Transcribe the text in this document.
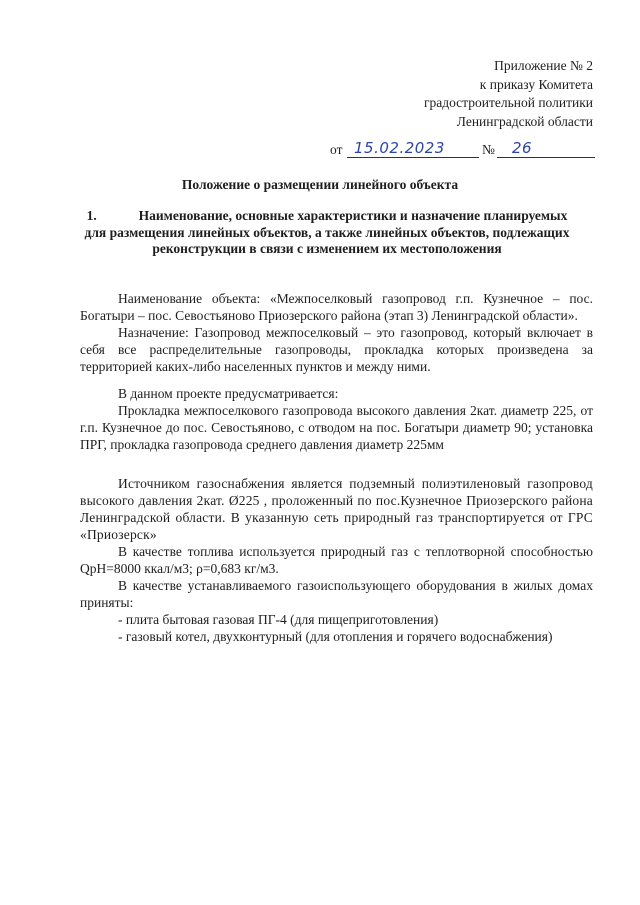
Приложение № 2
к приказу Комитета
градостроительной политики
Ленинградской области
от 15.02.2023	№ 26
Положение о размещении линейного объекта
1.	Наименование, основные характеристики и назначение планируемых для размещения линейных объектов, а также линейных объектов, подлежащих реконструкции в связи с изменением их местоположения

Наименование объекта: «Межпоселковый газопровод г.п. Кузнечное – пос. Богатыри – пос. Севостьяново Приозерского района (этап 3) Ленинградской области».

Назначение: Газопровод межпоселковый – это газопровод, который включает в себя все распределительные газопроводы, прокладка которых произведена за территорией каких-либо населенных пунктов и между ними.

В данном проекте предусматривается:

Прокладка межпоселкового газопровода высокого давления 2кат. диаметр 225, от г.п. Кузнечное до пос. Севостьяново, с отводом на пос. Богатыри диаметр 90; установка ПРГ, прокладка газопровода среднего давления диаметр 225мм

Источником газоснабжения является подземный полиэтиленовый газопровод высокого давления 2кат. Ø225 , проложенный по пос.Кузнечное Приозерского района Ленинградской области. В указанную сеть природный газ транспортируется от ГРС «Приозерск»

В качестве топлива используется природный газ с теплотворной способностью QрН=8000 ккал/м3; ρ=0,683 кг/м3.

В качестве устанавливаемого газоиспользующего оборудования в жилых домах приняты:

- плита бытовая газовая ПГ-4 (для пищеприготовления)

- газовый котел, двухконтурный (для отопления и горячего водоснабжения)
